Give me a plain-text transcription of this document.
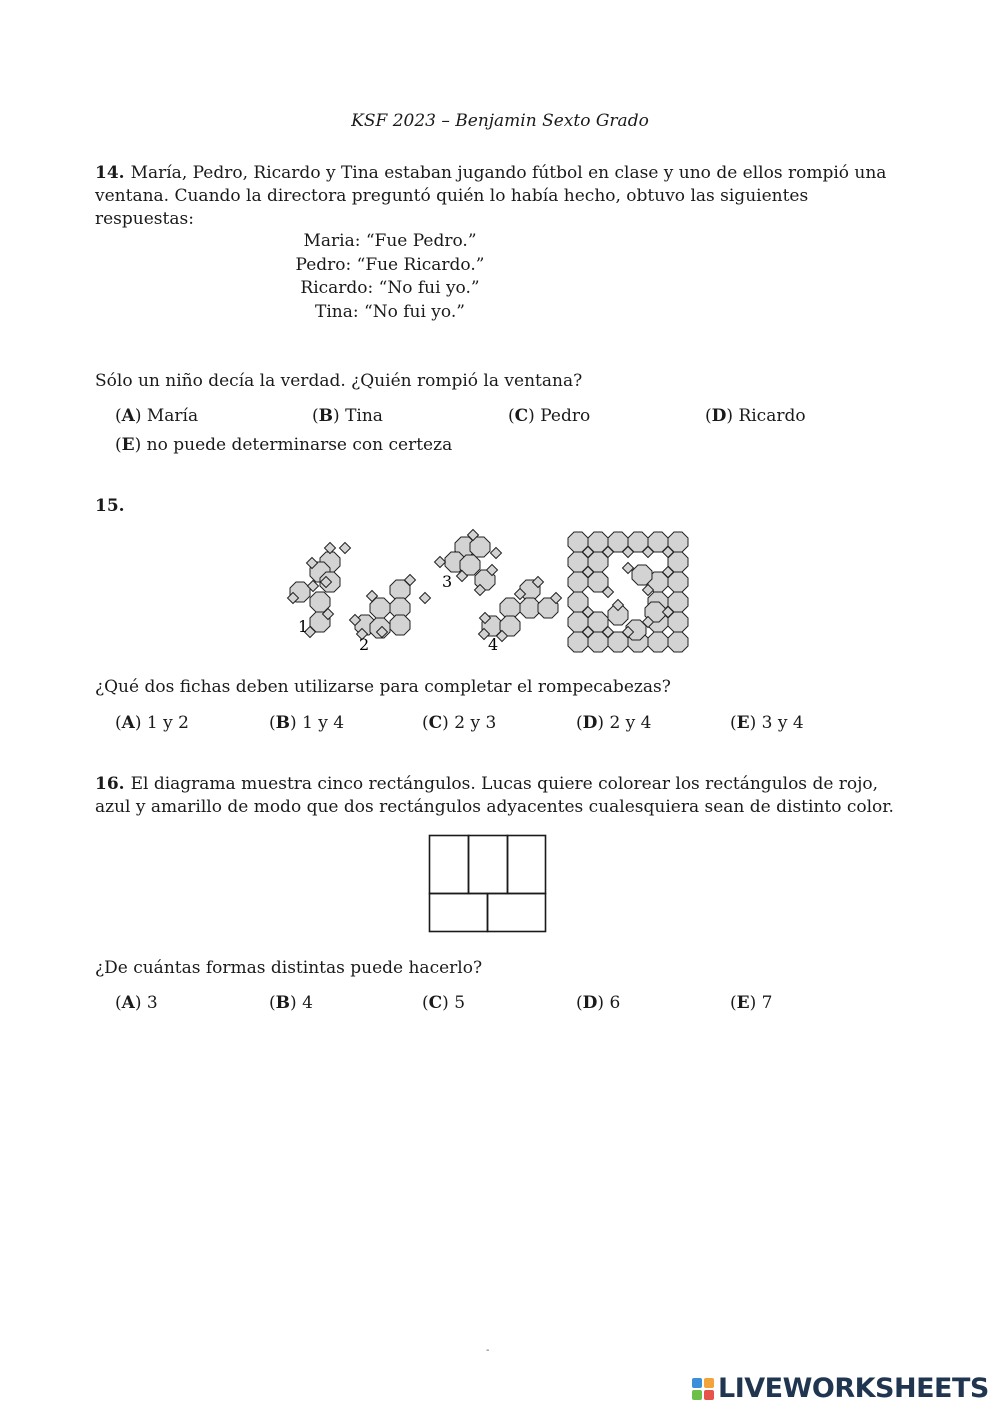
KSF 2023 – Benjamin Sexto Grado
14. María, Pedro, Ricardo y Tina estaban jugando fútbol en clase y uno de ellos rompió una ventana. Cuando la directora preguntó quién lo había hecho, obtuvo las siguientes respuestas:
Maria: “Fue Pedro.”
Pedro: “Fue Ricardo.”
Ricardo: “No fui yo.”
Tina: “No fui yo.”
Sólo un niño decía la verdad. ¿Quién rompió la ventana?
(A) María	(B) Tina	(C) Pedro	(D) Ricardo
(E) no puede determinarse con certeza
15.
1
2
3
4
¿Qué dos fichas deben utilizarse para completar el rompecabezas?
(A) 1 y 2	(B) 1 y 4	(C) 2 y 3	(D) 2 y 4	(E) 3 y 4
16. El diagrama muestra cinco rectángulos. Lucas quiere colorear los rectángulos de rojo, azul y amarillo de modo que dos rectángulos adyacentes cualesquiera sean de distinto color.
¿De cuántas formas distintas puede hacerlo?
(A) 3	(B) 4	(C) 5	(D) 6	(E) 7
-
LIVEWORKSHEETS
